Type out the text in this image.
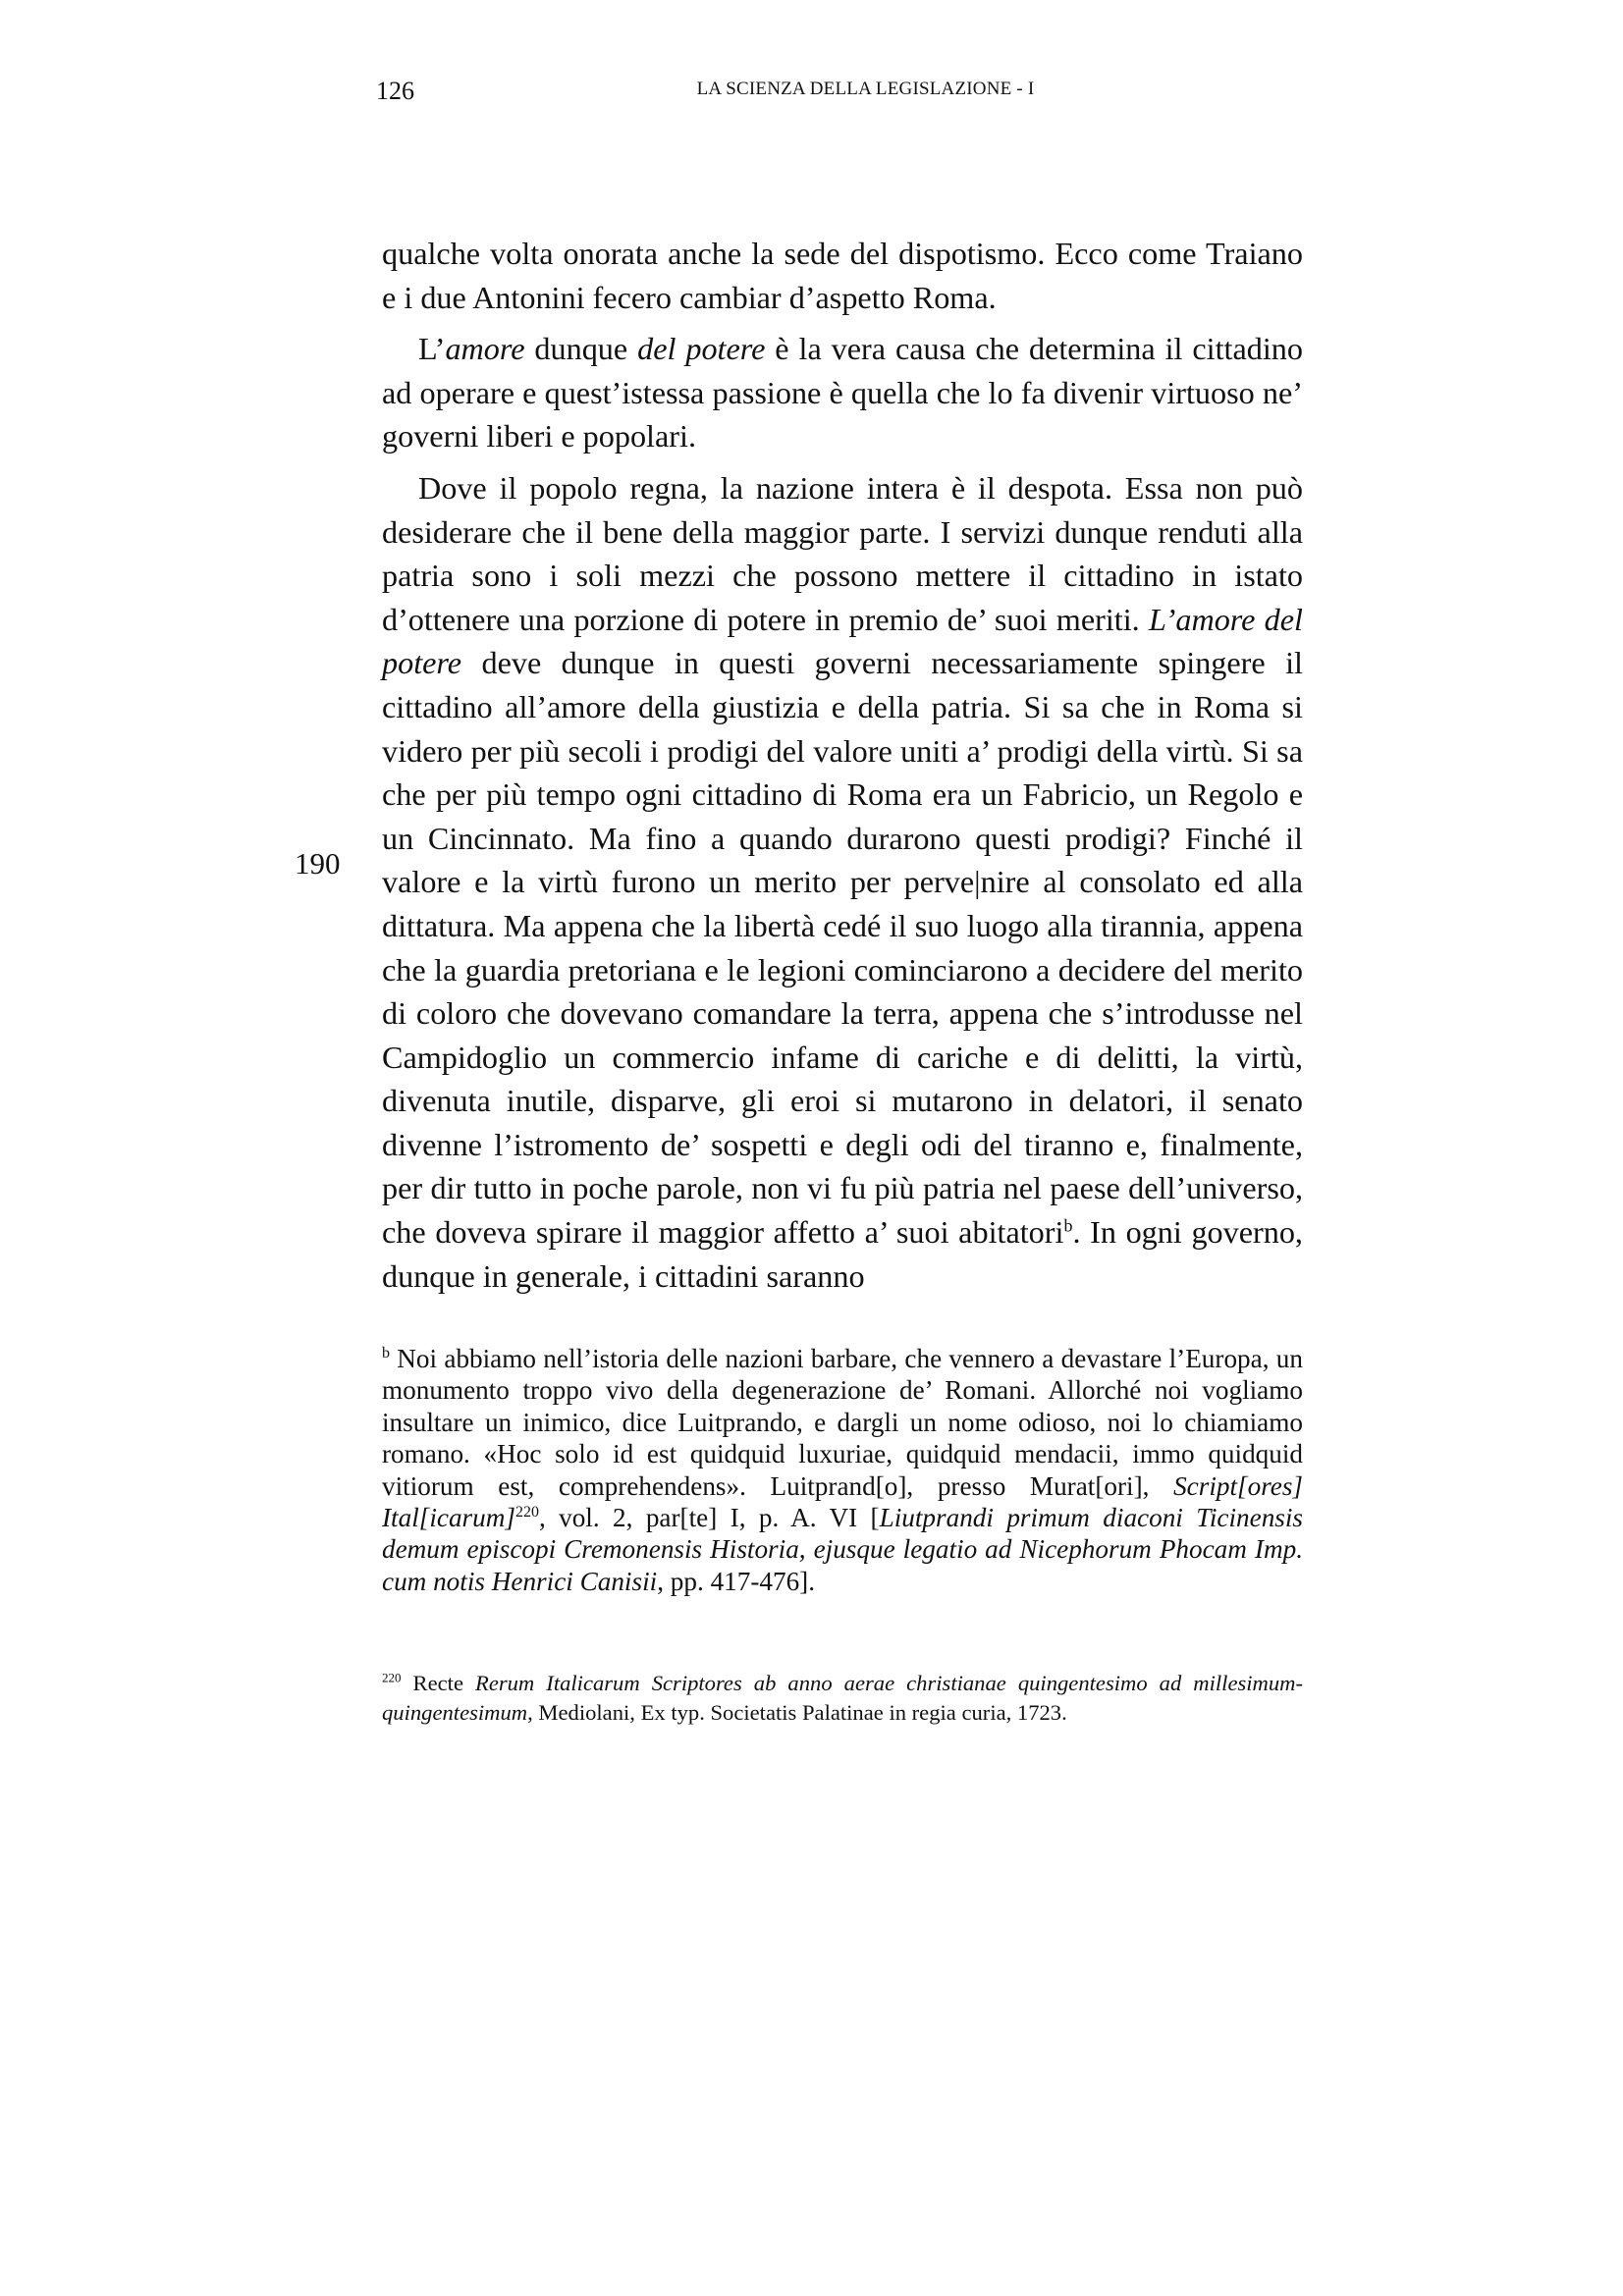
126	LA SCIENZA DELLA LEGISLAZIONE - I
190

qualche volta onorata anche la sede del dispotismo. Ecco come Traiano e i due Antonini fecero cambiar d’aspetto Roma.

L’amore dunque del potere è la vera causa che determina il cittadino ad operare e quest’istessa passione è quella che lo fa divenir virtuoso ne’ governi liberi e popolari.

Dove il popolo regna, la nazione intera è il despota. Essa non può desiderare che il bene della maggior parte. I servizi dunque renduti alla patria sono i soli mezzi che possono mettere il cittadino in istato d’ottenere una porzione di potere in premio de’ suoi meriti. L’amore del potere deve dunque in questi governi necessariamente spingere il cittadino all’amore della giustizia e della patria. Si sa che in Roma si videro per più secoli i prodigi del valore uniti a’ prodigi della virtù. Si sa che per più tempo ogni cittadino di Roma era un Fabricio, un Regolo e un Cincinnato. Ma fino a quando durarono questi prodigi? Finché il valore e la virtù furono un merito per perve|nire al consolato ed alla dittatura. Ma appena che la libertà cedé il suo luogo alla tirannia, appena che la guardia pretoriana e le legioni cominciarono a decidere del merito di coloro che dovevano comandare la terra, appena che s’introdusse nel Campidoglio un commercio infame di cariche e di delitti, la virtù, divenuta inutile, disparve, gli eroi si mutarono in delatori, il senato divenne l’istromento de’ sospetti e degli odi del tiranno e, finalmente, per dir tutto in poche parole, non vi fu più patria nel paese dell’universo, che doveva spirare il maggior affetto a’ suoi abitatori$^b$. In ogni governo, dunque in generale, i cittadini saranno

$^b$ Noi abbiamo nell’istoria delle nazioni barbare, che vennero a devastare l’Europa, un monumento troppo vivo della degenerazione de’ Romani. Allorché noi vogliamo insultare un inimico, dice Luitprando, e dargli un nome odioso, noi lo chiamiamo romano. «Hoc solo id est quidquid luxuriae, quidquid mendacii, immo quidquid vitiorum est, comprehendens». Luitprand[o], presso Murat[ori], Script[ores] Ital[icarum]$^{220}$, vol. 2, par[te] I, p. A. VI [Liutprandi primum diaconi Ticinensis demum episcopi Cremonensis Historia, ejusque legatio ad Nicephorum Phocam Imp. cum notis Henrici Canisii, pp. 417-476].

$^{220}$ Recte Rerum Italicarum Scriptores ab anno aerae christianae quingentesimo ad millesimum-quingentesimum, Mediolani, Ex typ. Societatis Palatinae in regia curia, 1723.
